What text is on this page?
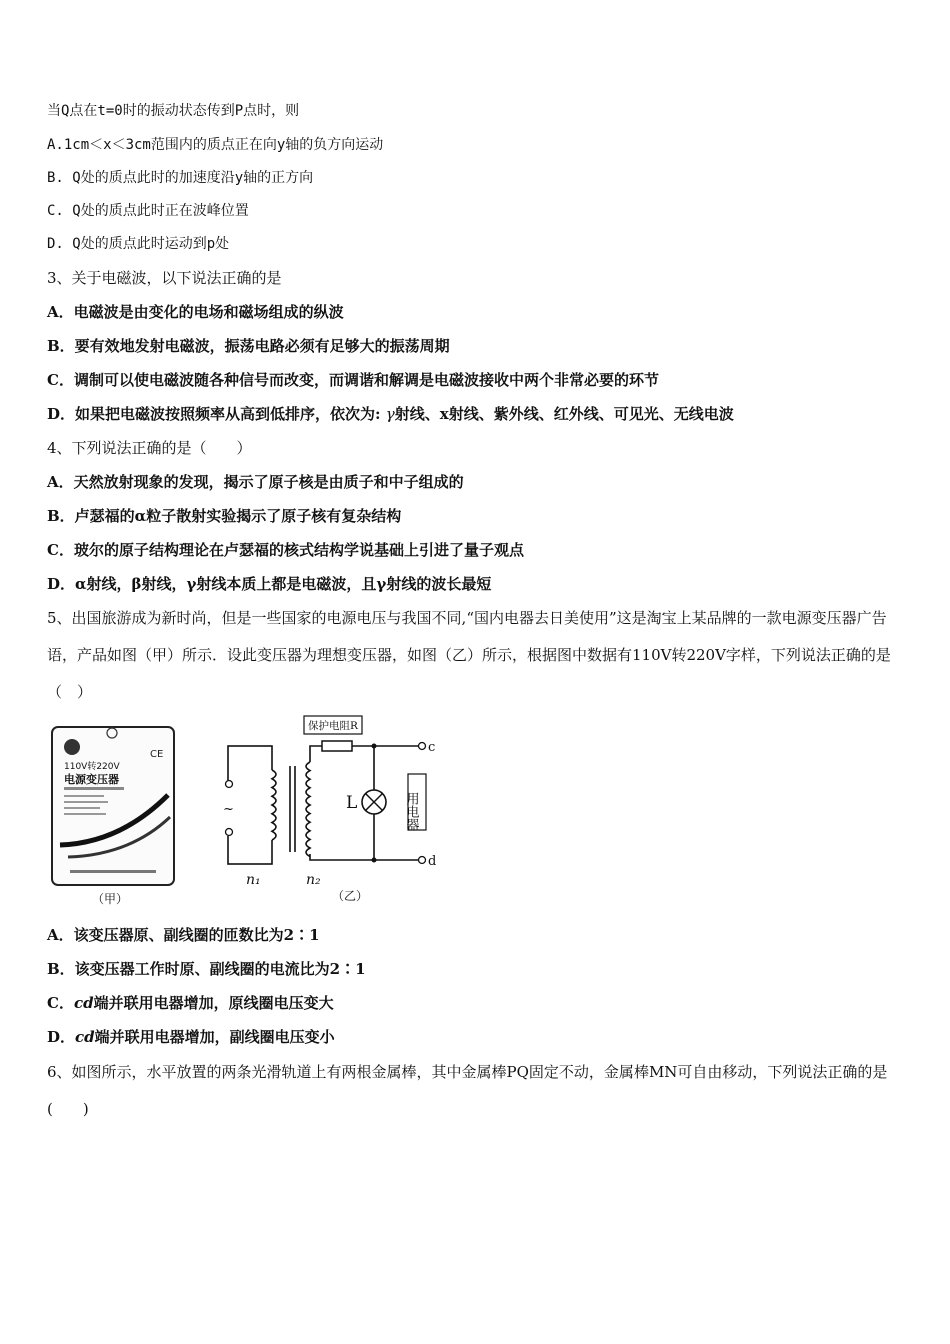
当Q点在t=0时的振动状态传到P点时，则
A.1cm＜x＜3cm范围内的质点正在向y轴的负方向运动
B. Q处的质点此时的加速度沿y轴的正方向
C. Q处的质点此时正在波峰位置
D. Q处的质点此时运动到p处
3、关于电磁波，以下说法正确的是
A．电磁波是由变化的电场和磁场组成的纵波
B．要有效地发射电磁波，振荡电路必须有足够大的振荡周期
C．调制可以使电磁波随各种信号而改变，而调谐和解调是电磁波接收中两个非常必要的环节
D．如果把电磁波按照频率从高到低排序，依次为: γ射线、x射线、紫外线、红外线、可见光、无线电波
4、下列说法正确的是（　　）
A．天然放射现象的发现，揭示了原子核是由质子和中子组成的
B．卢瑟福的α粒子散射实验揭示了原子核有复杂结构
C．玻尔的原子结构理论在卢瑟福的核式结构学说基础上引进了量子观点
D．α射线，β射线，γ射线本质上都是电磁波，且γ射线的波长最短
5、出国旅游成为新时尚，但是一些国家的电源电压与我国不同,“国内电器去日美使用”这是淘宝上某品牌的一款电源变压器广告语，产品如图（甲）所示．设此变压器为理想变压器，如图（乙）所示，根据图中数据有110V转220V字样，下列说法正确的是（　）
CE
110V转220V
电源变压器
（甲）
~	L
c
d
保护电阻R
用电器
n₁	n₂
（乙）
A．该变压器原、副线圈的匝数比为2∶1
B．该变压器工作时原、副线圈的电流比为2∶1
C．cd端并联用电器增加，原线圈电压变大
D．cd端并联用电器增加，副线圈电压变小
6、如图所示，水平放置的两条光滑轨道上有两根金属棒，其中金属棒PQ固定不动，金属棒MN可自由移动，下列说法正确的是(　　)
